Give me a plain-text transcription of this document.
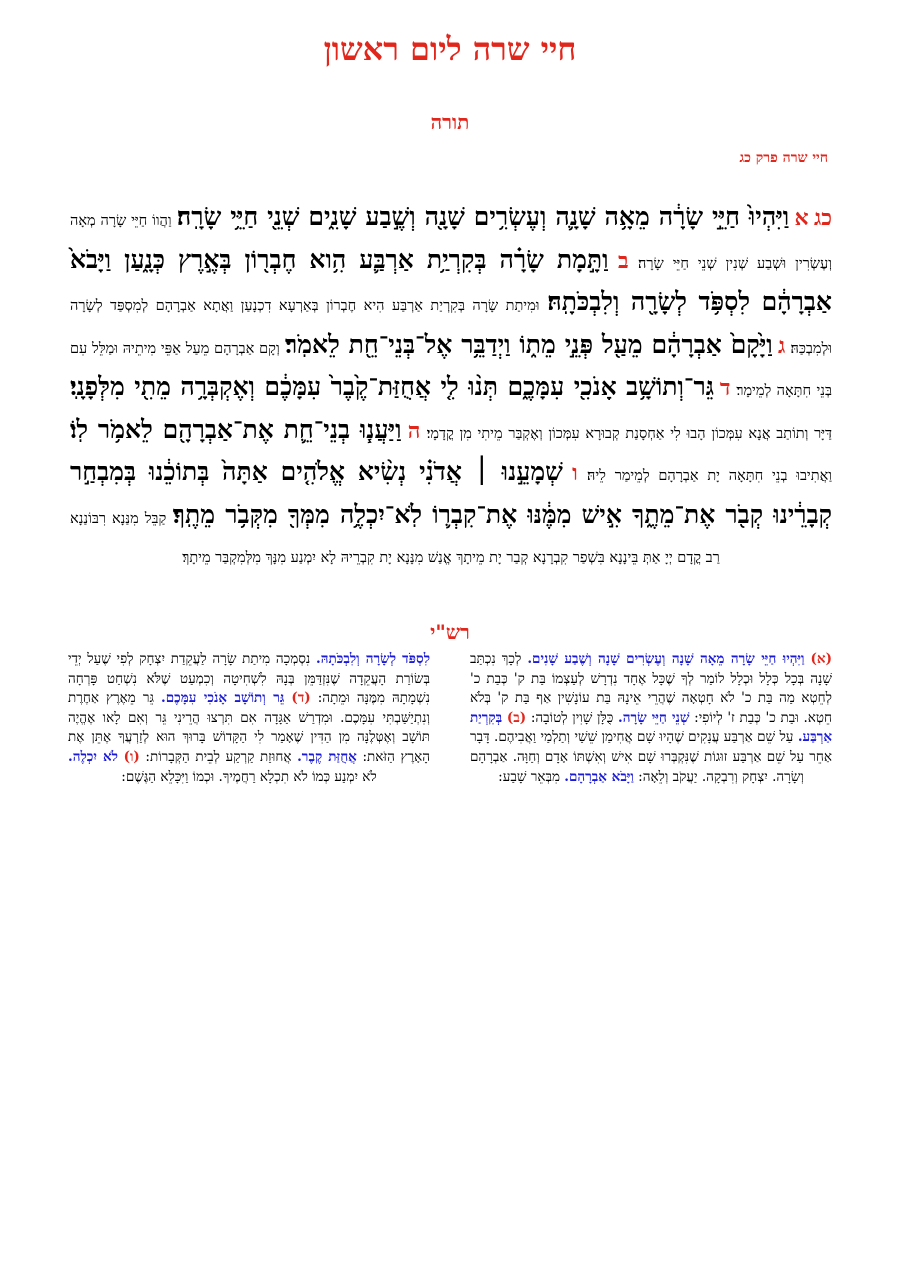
חיי שרה ליום ראשון
תורה
חיי שרה פרק כג
כג א וַיִּהְיוּ֙ חַיֵּ֣י שָׂרָ֔ה מֵאָ֥ה שָׁנָ֛ה וְעֶשְׂרִ֥ים שָׁנָ֖ה וְשֶׁ֣בַע שָׁנִ֑ים שְׁנֵ֖י חַיֵּ֥י שָׂרָֽה׃ וַהֲווֹ חַיֵּי שָׂרָה מְאָה וְעֶשְׂרִין וּשְׁבַע שְׁנִין שְׁנֵי חַיֵּי שָׂרָה׃ ב וַתָּ֣מָת שָׂרָ֗ה בְּקִרְיַ֥ת אַרְבַּ֛ע הִ֥וא חֶבְר֖וֹן בְּאֶ֣רֶץ כְּנָ֑עַן וַיָּבֹא֙ אַבְרָהָ֔ם לִסְפֹּ֥ד לְשָׂרָ֖ה וְלִבְכֹּתָֽהּ׃ וּמִיתַת שָׂרָה בְּקִרְיַת אַרְבַּע הִיא חֶבְרוֹן בְּאַרְעָא דִכְנָעַן וַאֲתָא אַבְרָהָם לְמִסְפַּד לְשָׂרָה וּלְמִבְכַּהּ׃ ג וַיָּ֙קָם֙ אַבְרָהָ֔ם מֵעַ֖ל פְּנֵ֣י מֵת֑וֹ וַיְדַבֵּ֥ר אֶל־בְּנֵי־חֵ֖ת לֵאמֹֽר׃ וְקָם אַבְרָהָם מֵעַל אַפֵּי מִיתֵיהּ וּמַלֵּל עִם בְּנֵי חִתָּאָה לְמֵימָר׃ ד גֵּר־וְתוֹשָׁ֥ב אָנֹכִ֖י עִמָּכֶ֑ם תְּנ֨וּ לִ֤י אֲחֻזַּת־קֶ֙בֶר֙ עִמָּכֶ֔ם וְאֶקְבְּרָ֥ה מֵתִ֖י מִלְּפָנָֽי׃ דַּיָּר וְתוֹתַב אֲנָא עִמְּכוֹן הָבוּ לִי אַחְסָנַת קְבוּרָא עִמְּכוֹן וְאֶקְבַּר מֵיתִי מִן קֳדָמָי׃ ה וַיַּעֲנ֧וּ בְנֵי־חֵ֛ת אֶת־אַבְרָהָ֖ם לֵאמֹ֥ר לֽוֹ׃ וַאֲתִיבוּ בְנֵי חִתָּאָה יָת אַבְרָהָם לְמֵימַר לֵיהּ׃ ו שְׁמָעֵ֣נוּ ׀ אֲדֹנִ֗י נְשִׂ֨יא אֱלֹהִ֤ים אַתָּה֙ בְּתוֹכֵ֔נוּ בְּמִבְחַ֣ר קְבָרֵ֔ינוּ קְבֹ֖ר אֶת־מֵתֶ֑ךָ אִ֣ישׁ מִמֶּ֔נּוּ אֶת־קִבְר֛וֹ לֹֽא־יִכְלֶ֥ה מִמְּךָ֖ מִקְּבֹ֥ר מֵתֶֽךָ׃ קַבֵּל מִנַּנָא רִבּוֹנַנָא רַב קֳדָם יְיָ אַתְּ בֵּינָנָא בִּשְׁפַר קִבְרָנָא קְבַר יָת מֵיתָךְ אֱנַשׁ מִנָּנָא יָת קִבְרֵיהּ לָא יִמְנַע מִנָּךְ מִלְּמִקְבַּר מֵיתָךְ׃
רש"י
(א) וַיִּהְיוּ חַיֵּי שָׂרָה מֵאָה שָׁנָה וְעֶשְׂרִים שָׁנָה וְשֶׁבַע שָׁנִים. לְכָךְ נִכְתַּב שָׁנָה בְּכָל כְּלָל וּכְלָל לוֹמַר לְךָ שֶׁכָּל אֶחָד נִדְרָשׁ לְעַצְמוֹ בַּת ק' כְּבַת כ' לְחֵטְא מַה בַּת כ' לֹא חָטְאָה שֶׁהֲרֵי אֵינָהּ בַּת עוֹנָשִׁין אַף בַּת ק' בְּלֹא חֵטְא. וּבַת כ' כְּבַת ז' לְיוֹפִי: שְׁנֵי חַיֵּי שָׂרָה. כֻּלָּן שָׁוִין לְטוֹבָה: (ב) בְּקִרְיַת אַרְבַּע. עַל שֵׁם אַרְבַּע עֲנָקִים שֶׁהָיוּ שָׁם אֲחִימַן שֵׁשַׁי וְתַלְמַי וַאֲבִיהֶם. דָּבָר אַחֵר עַל שֵׁם אַרְבַּע זוּגוֹת שֶׁנִּקְבְּרוּ שָׁם אִישׁ וְאִשְׁתּוֹ אָדָם וְחַוָּה. אַבְרָהָם וְשָׂרָה. יִצְחָק וְרִבְקָה. יַעֲקֹב וְלֵאָה: וַיָּבֹא אַבְרָהָם. מִבְּאֵר שָׁבַע:
לִסְפֹּד לְשָׂרָה וְלִבְכֹּתָהּ. נִסְמְכָה מִיתַת שָׂרָה לַעֲקֵדַת יִצְחָק לְפִי שֶׁעַל יְדֵי בְּשׂוֹרַת הָעֲקֵדָה שֶׁנִּזְדַּמֵּן בְּנָהּ לִשְׁחִיטָה וְכִמְעַט שֶׁלֹּא נִשְׁחַט פָּרְחָה נִשְׁמָתָהּ מִמֶּנָּה וּמֵתָה: (ד) גֵּר וְתוֹשָׁב אָנֹכִי עִמָּכֶם. גֵּר מֵאֶרֶץ אַחֶרֶת וְנִתְיַשַּׁבְתִּי עִמָּכֶם. וּמִדְרַשׁ אַגָּדָה אִם תִּרְצוּ הֲרֵינִי גֵּר וְאִם לָאו אֶהֱיֶה תּוֹשָׁב וְאֶטְּלֶנָּה מִן הַדִּין שֶׁאָמַר לִי הַקָּדוֹשׁ בָּרוּךְ הוּא לְזַרְעֲךָ אֶתֵּן אֶת הָאָרֶץ הַזֹּאת: אֲחֻזַּת קֶבֶר. אֲחוּזַת קַרְקַע לְבֵית הַקְּבָרוֹת: (ו) לֹא יִכְלֶה. לֹא יִמְנַע כְּמוֹ לֹא תִכְלָא רַחֲמֶיךָ. וּכְמוֹ וַיִּכָּלֵא הַגֶּשֶׁם:
